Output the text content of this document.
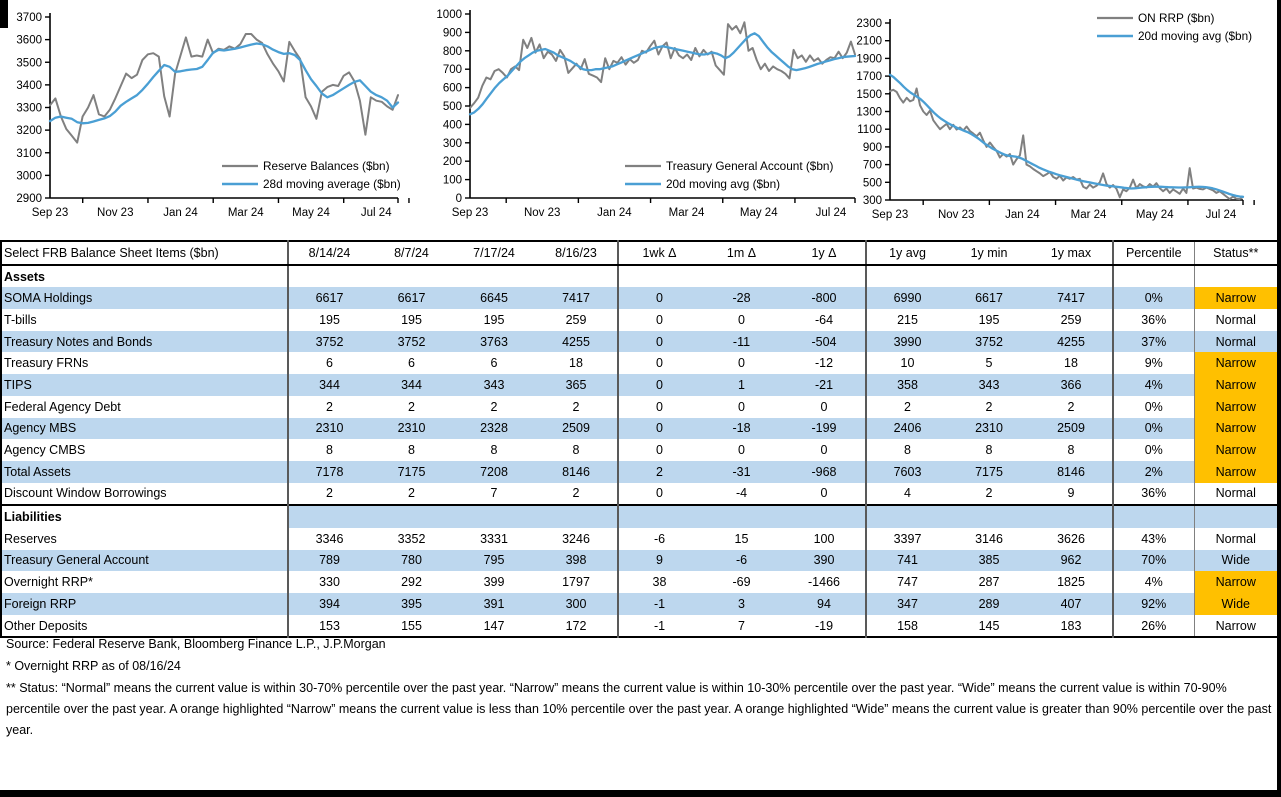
2900
3000
3100
3200
3300
3400
3500
3600
3700
Sep 23	Nov 23	Jan 24	Mar 24 May 24	Jul 24
Reserve Balances ($bn)
28d moving average ($bn)
0
100
200
300
400
500
600
700
800
900
1000
Sep 23	Nov 23	Jan 24	Mar 24	May 24	Jul 24
Treasury General Account ($bn)
20d moving avg ($bn)
300
500
700
900
1100
1300
1500
1700
1900
2100
2300
Sep 23	Nov 23	Jan 24	Mar 24	May 24	Jul 24
ON RRP ($bn)
20d moving avg ($bn)
Select FRB Balance Sheet Items ($bn)	8/14/24	8/7/24	7/17/24	8/16/23	1wk Δ	1m Δ	1y Δ	1y avg	1y min	1y max	Percentile	Status**
Assets												
SOMA Holdings	6617	6617	6645	7417	0	-28	-800	6990	6617	7417	0%	Narrow
T-bills	195	195	195	259	0	0	-64	215	195	259	36%	Normal
Treasury Notes and Bonds	3752	3752	3763	4255	0	-11	-504	3990	3752	4255	37%	Normal
Treasury FRNs	6	6	6	18	0	0	-12	10	5	18	9%	Narrow
TIPS	344	344	343	365	0	1	-21	358	343	366	4%	Narrow
Federal Agency Debt	2	2	2	2	0	0	0	2	2	2	0%	Narrow
Agency MBS	2310	2310	2328	2509	0	-18	-199	2406	2310	2509	0%	Narrow
Agency CMBS	8	8	8	8	0	0	0	8	8	8	0%	Narrow
Total Assets	7178	7175	7208	8146	2	-31	-968	7603	7175	8146	2%	Narrow
Discount Window Borrowings	2	2	7	2	0	-4	0	4	2	9	36%	Normal
Liabilities												
Reserves	3346	3352	3331	3246	-6	15	100	3397	3146	3626	43%	Normal
Treasury General Account	789	780	795	398	9	-6	390	741	385	962	70%	Wide
Overnight RRP*	330	292	399	1797	38	-69	-1466	747	287	1825	4%	Narrow
Foreign RRP	394	395	391	300	-1	3	94	347	289	407	92%	Wide
Other Deposits	153	155	147	172	-1	7	-19	158	145	183	26%	Narrow
Source: Federal Reserve Bank, Bloomberg Finance L.P., J.P.Morgan
* Overnight RRP as of 08/16/24
** Status: “Normal” means the current value is within 30-70% percentile over the past year. “Narrow” means the current value is within 10-30% percentile over the past year. “Wide” means the current value is within 70-90% percentile over the past year. A orange highlighted “Narrow” means the current value is less than 10% percentile over the past year. A orange highlighted “Wide” means the current value is greater than 90% percentile over the past year.
